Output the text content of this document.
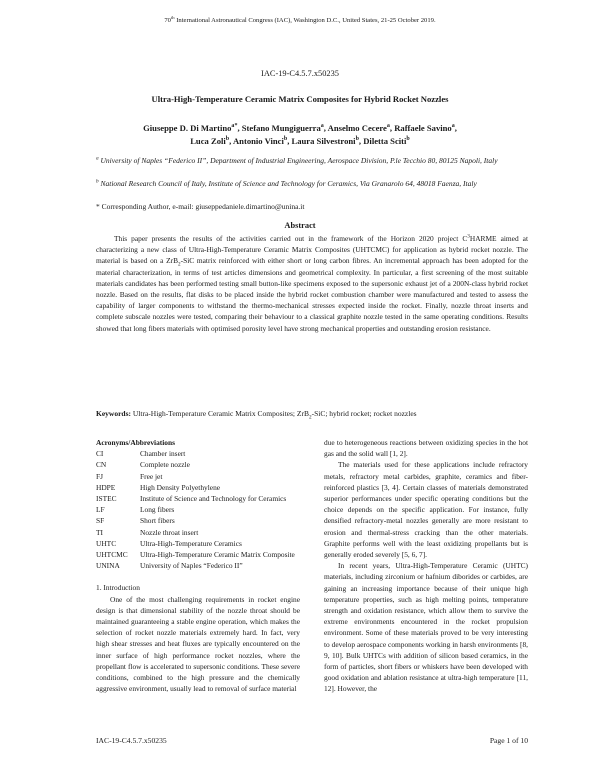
70th International Astronautical Congress (IAC), Washington D.C., United States, 21-25 October 2019.
IAC-19-C4.5.7.x50235
Ultra-High-Temperature Ceramic Matrix Composites for Hybrid Rocket Nozzles
Giuseppe D. Di Martino$^{a*}$, Stefano Mungiguerra$^a$, Anselmo Cecere$^a$, Raffaele Savino$^a$,
Luca Zoli$^b$, Antonio Vinci$^b$, Laura Silvestroni$^b$, Diletta Sciti$^b$
$^a$ University of Naples “Federico II”, Department of Industrial Engineering, Aerospace Division, P.le Tecchio 80, 80125 Napoli, Italy
$^b$ National Research Council of Italy, Institute of Science and Technology for Ceramics, Via Granarolo 64, 48018 Faenza, Italy
* Corresponding Author, e-mail: giuseppedaniele.dimartino@unina.it
Abstract

This paper presents the results of the activities carried out in the framework of the Horizon 2020 project $C^3HARME$ aimed at characterizing a new class of Ultra-High-Temperature Ceramic Matrix Composites (UHTCMC) for application as hybrid rocket nozzle. The material is based on a ZrB$_2$-SiC matrix reinforced with either short or long carbon fibres. An incremental approach has been adopted for the material characterization, in terms of test articles dimensions and geometrical complexity. In particular, a first screening of the most suitable materials candidates has been performed testing small button-like specimens exposed to the supersonic exhaust jet of a 200N-class hybrid rocket nozzle. Based on the results, flat disks to be placed inside the hybrid rocket combustion chamber were manufactured and tested to assess the capability of larger components to withstand the thermo-mechanical stresses expected inside the rocket. Finally, nozzle throat inserts and complete subscale nozzles were tested, comparing their behaviour to a classical graphite nozzle tested in the same operating conditions. Results showed that long fibers materials with optimised porosity level have strong mechanical properties and outstanding erosion resistance.

Keywords: Ultra-High-Temperature Ceramic Matrix Composites; ZrB$_2$-SiC; hybrid rocket; rocket nozzles
Acronyms/Abbreviations
CI	Chamber insert
CN	Complete nozzle
FJ	Free jet
HDPE	High Density Polyethylene
ISTEC	Institute of Science and Technology for Ceramics
LF	Long fibers
SF	Short fibers
TI	Nozzle throat insert
UHTC	Ultra-High-Temperature Ceramics
UHTCMC	Ultra-High-Temperature Ceramic Matrix Composite
UNINA	University of Naples “Federico II”
1. Introduction

One of the most challenging requirements in rocket engine design is that dimensional stability of the nozzle throat should be maintained guaranteeing a stable engine operation, which makes the selection of rocket nozzle materials extremely hard. In fact, very high shear stresses and heat fluxes are typically encountered on the inner surface of high performance rocket nozzles, where the propellant flow is accelerated to supersonic conditions. These severe conditions, combined to the high pressure and the chemically aggressive environment, usually lead to removal of surface material

due to heterogeneous reactions between oxidizing species in the hot gas and the solid wall [1, 2].

The materials used for these applications include refractory metals, refractory metal carbides, graphite, ceramics and fiber-reinforced plastics [3, 4]. Certain classes of materials demonstrated superior performances under specific operating conditions but the choice depends on the specific application. For instance, fully densified refractory-metal nozzles generally are more resistant to erosion and thermal-stress cracking than the other materials. Graphite performs well with the least oxidizing propellants but is generally eroded severely [5, 6, 7].

In recent years, Ultra-High-Temperature Ceramic (UHTC) materials, including zirconium or hafnium diborides or carbides, are gaining an increasing importance because of their unique high temperature properties, such as high melting points, temperature strength and oxidation resistance, which allow them to survive the extreme environments encountered in the rocket propulsion environment. Some of these materials proved to be very interesting to develop aerospace components working in harsh environments [8, 9, 10]. Bulk UHTCs with addition of silicon based ceramics, in the form of particles, short fibers or whiskers have been developed with good oxidation and ablation resistance at ultra-high temperature [11, 12]. However, the

IAC-19-C4.5.7.x50235	Page 1 of 10
